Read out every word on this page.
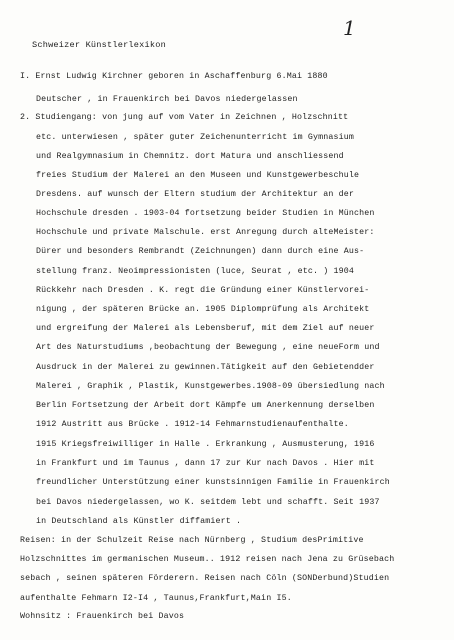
1
Schweizer Künstlerlexikon
I. Ernst Ludwig Kirchner geboren in Aschaffenburg 6.Mai 1880
Deutscher , in Frauenkirch bei Davos niedergelassen
2. Studiengang: von jung auf vom Vater in Zeichnen , Holzschnitt
etc. unterwiesen , später guter Zeichenunterricht im Gymnasium
und Realgymnasium in Chemnitz. dort Matura und anschliessend
freies Studium der Malerei an den Museen und Kunstgewerbeschule
Dresdens. auf wunsch der Eltern studium der Architektur an der
Hochschule dresden . 1903-04 fortsetzung beider Studien in München
Hochschule und private Malschule. erst Anregung durch alteMeister:
Dürer und besonders Rembrandt (Zeichnungen) dann durch eine Aus-
stellung franz. Neoimpressionisten (luce, Seurat , etc. ) 1904
Rückkehr nach Dresden . K. regt die Gründung einer Künstlervorei-
nigung , der späteren Brücke an. 1905 Diplomprüfung als Architekt
und ergreifung der Malerei als Lebensberuf, mit dem Ziel auf neuer
Art des Naturstudiums ,beobachtung der Bewegung , eine neueForm und
Ausdruck in der Malerei zu gewinnen.Tätigkeit auf den Gebietendder
Malerei , Graphik , Plastik, Kunstgewerbes.1908-09 übersiedlung nach
Berlin Fortsetzung der Arbeit dort Kämpfe um Anerkennung derselben
1912 Austritt aus Brücke . 1912-14 Fehmarnstudienaufenthalte.
1915 Kriegsfreiwilliger in Halle . Erkrankung , Ausmusterung, 1916
in Frankfurt und im Taunus , dann 17 zur Kur nach Davos . Hier mit
freundlicher Unterstützung einer kunstsinnigen Familie in Frauenkirch
bei Davos niedergelassen, wo K. seitdem lebt und schafft. Seit 1937
in Deutschland als Künstler diffamiert .
Reisen: in der Schulzeit Reise nach Nürnberg , Studium desPrimitive
Holzschnittes im germanischen Museum.. 1912 reisen nach Jena zu Grüsebach
sebach , seinen späteren Förderern. Reisen nach Cöln (SONDerbund)Studien
aufenthalte Fehmarn I2-I4 , Taunus,Frankfurt,Main I5.
Wohnsitz : Frauenkirch bei Davos
